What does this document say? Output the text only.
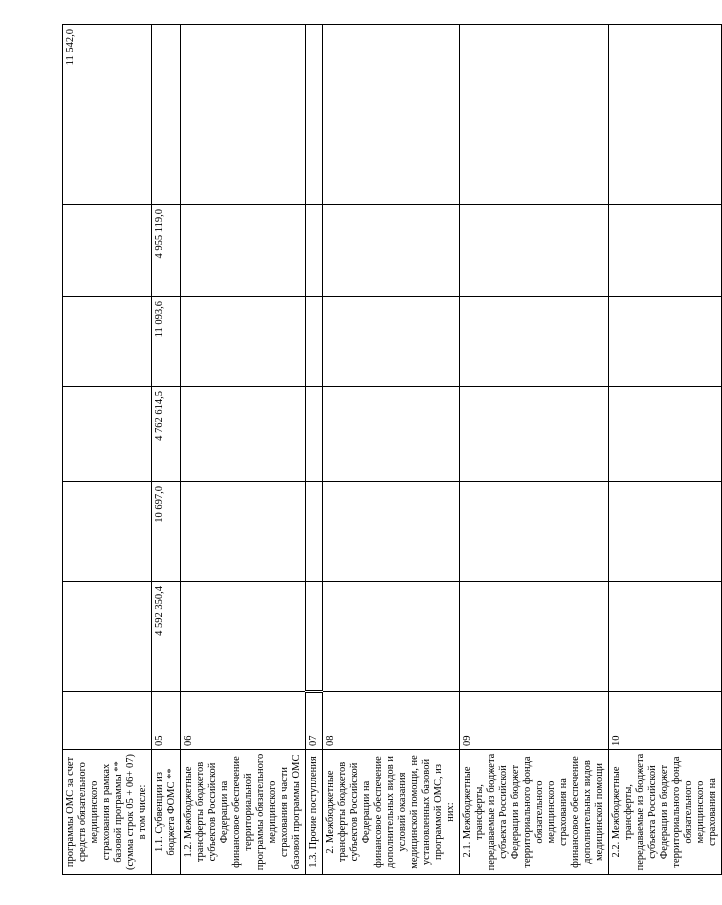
программы ОМС за счет средств обязательного медицинского страхования в рамках базовой программы ** (сумма строк 05 + 06+ 07) в том числе:							11 542,0
1.1. Субвенции из бюджета ФОМС **	05	4 592 350,4	10 697,0	4 762 614,5	11 093,6	4 955 119,0	
1.2. Межбюджетные трансферты бюджетов субъектов Российской Федерации на финансовое обеспечение территориальной программы обязательного медицинского страхования в части базовой программы ОМС	06						
1.3. Прочие поступления	07						
2. Межбюджетные трансферты бюджетов субъектов Российской Федерации на финансовое обеспечение дополнительных видов и условий оказания медицинской помощи, не установленных базовой программой ОМС, из них:	08						
2.1. Межбюджетные трансферты, передаваемые из бюджета субъекта Российской Федерации в бюджет территориального фонда обязательного медицинского страхования на финансовое обеспечение дополнительных видов медицинской помощи	09						
2.2. Межбюджетные трансферты, передаваемые из бюджета субъекта Российской Федерации в бюджет территориального фонда обязательного медицинского страхования на	10						
